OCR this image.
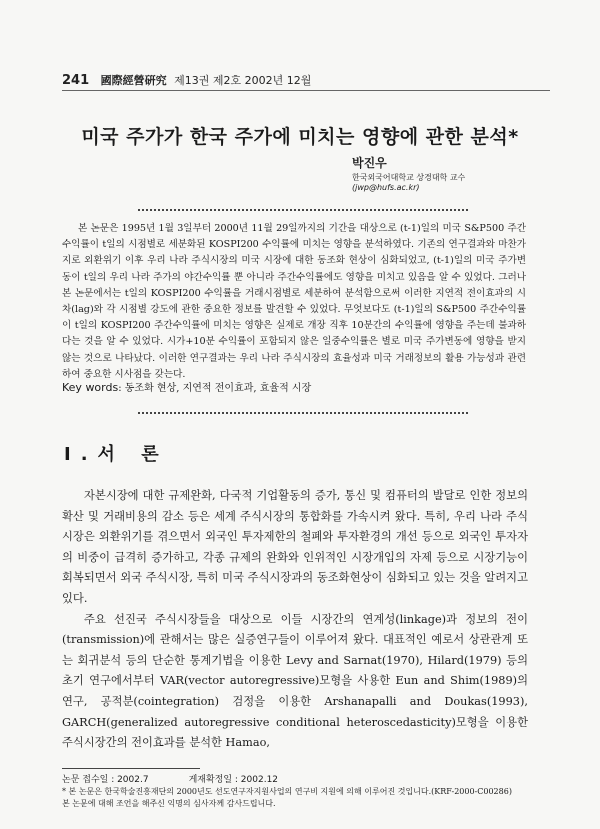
241 國際經營硏究 제13권 제2호 2002년 12월
미국 주가가 한국 주가에 미치는 영향에 관한 분석*
박진우
한국외국어대학교 상경대학 교수
(jwp@hufs.ac.kr)

본 논문은 1995년 1월 3일부터 2000년 11월 29일까지의 기간을 대상으로 (t-1)일의 미국 S&P500 주간수익률이 t일의 시점별로 세분화된 KOSPI200 수익률에 미치는 영향을 분석하였다. 기존의 연구결과와 마찬가지로 외환위기 이후 우리 나라 주식시장의 미국 시장에 대한 동조화 현상이 심화되었고, (t-1)일의 미국 주가변동이 t일의 우리 나라 주가의 야간수익률 뿐 아니라 주간수익률에도 영향을 미치고 있음을 알 수 있었다. 그러나 본 논문에서는 t일의 KOSPI200 수익률을 거래시점별로 세분하여 분석함으로써 이러한 지연적 전이효과의 시차(lag)와 각 시점별 강도에 관한 중요한 정보를 발견할 수 있었다. 무엇보다도 (t-1)일의 S&P500 주간수익률이 t일의 KOSPI200 주간수익률에 미치는 영향은 실제로 개장 직후 10분간의 수익률에 영향을 주는데 불과하다는 것을 알 수 있었다. 시가+10분 수익률이 포함되지 않은 일중수익률은 별로 미국 주가변동에 영향을 받지 않는 것으로 나타났다. 이러한 연구결과는 우리 나라 주식시장의 효율성과 미국 거래정보의 활용 가능성과 관련하여 중요한 시사점을 갖는다.

Key words: 동조화 현상, 지연적 전이효과, 효율적 시장
Ⅰ.서 론

자본시장에 대한 규제완화, 다국적 기업활동의 증가, 통신 및 컴퓨터의 발달로 인한 정보의 확산 및 거래비용의 감소 등은 세계 주식시장의 통합화를 가속시켜 왔다. 특히, 우리 나라 주식시장은 외환위기를 겪으면서 외국인 투자제한의 철폐와 투자환경의 개선 등으로 외국인 투자자의 비중이 급격히 증가하고, 각종 규제의 완화와 인위적인 시장개입의 자제 등으로 시장기능이 회복되면서 외국 주식시장, 특히 미국 주식시장과의 동조화현상이 심화되고 있는 것을 알려지고 있다.

주요 선진국 주식시장들을 대상으로 이들 시장간의 연계성(linkage)과 정보의 전이(transmission)에 관해서는 많은 실증연구들이 이루어져 왔다. 대표적인 예로서 상관관계 또는 회귀분석 등의 단순한 통계기법을 이용한 Levy and Sarnat(1970), Hilard(1979) 등의 초기 연구에서부터 VAR(vector autoregressive)모형을 사용한 Eun and Shim(1989)의 연구, 공적분(cointegration) 검정을 이용한 Arshanapalli and Doukas(1993), GARCH(generalized autoregressive conditional heteroscedasticity)모형을 이용한 주식시장간의 전이효과를 분석한 Hamao,

논문 접수일 : 2002.7	게재확정일 : 2002.12
* 본 논문은 한국학술진흥재단의 2000년도 선도연구자지원사업의 연구비 지원에 의해 이루어진 것입니다.(KRF-2000-C00286)
본 논문에 대해 조언을 해주신 익명의 심사자께 감사드립니다.
